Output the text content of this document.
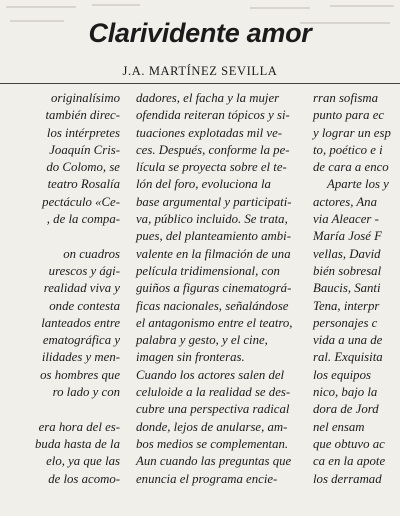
Clarividente amor

J.A. MARTÍNEZ SEVILLA

originalísimo
también direc-
los intérpretes
Joaquín Cris-
do Colomo, se
teatro Rosalía
pectáculo «Ce-
, de la compa-

on cuadros
urescos y ági-
realidad viva y
onde contesta
lanteados entre
ematográfica y
ilidades y men-
os hombres que
ro lado y con

era hora del es-
buda hasta de la
elo, ya que las
de los acomo-
dadores, el facha y la mujer
ofendida reiteran tópicos y si-
tuaciones explotadas mil ve-
ces. Después, conforme la pe-
lícula se proyecta sobre el te-
lón del foro, evoluciona la
base argumental y participati-
va, público incluido. Se trata,
pues, del planteamiento ambi-
valente en la filmación de una
película tridimensional, con
guiños a figuras cinematográ-
ficas nacionales, señalándose
el antagonismo entre el teatro,
palabra y gesto, y el cine,
imagen sin fronteras.
Cuando los actores salen del
celuloide a la realidad se des-
cubre una perspectiva radical
donde, lejos de anularse, am-
bos medios se complementan.
Aun cuando las preguntas que
enuncia el programa encie-
rran sofisma
punto para ec
y lograr un esp
to, poético e i
de cara a enco
Aparte los y
actores, Ana
via Aleacer -
María José F
vellas, David
bién sobresal
Baucis, Santi
Tena, interpr
personajes c
vida a una de
ral. Exquisita
los equipos
nico, bajo la
dora de Jord
nel ensam
que obtuvo ac
ca en la apote
los derramad
